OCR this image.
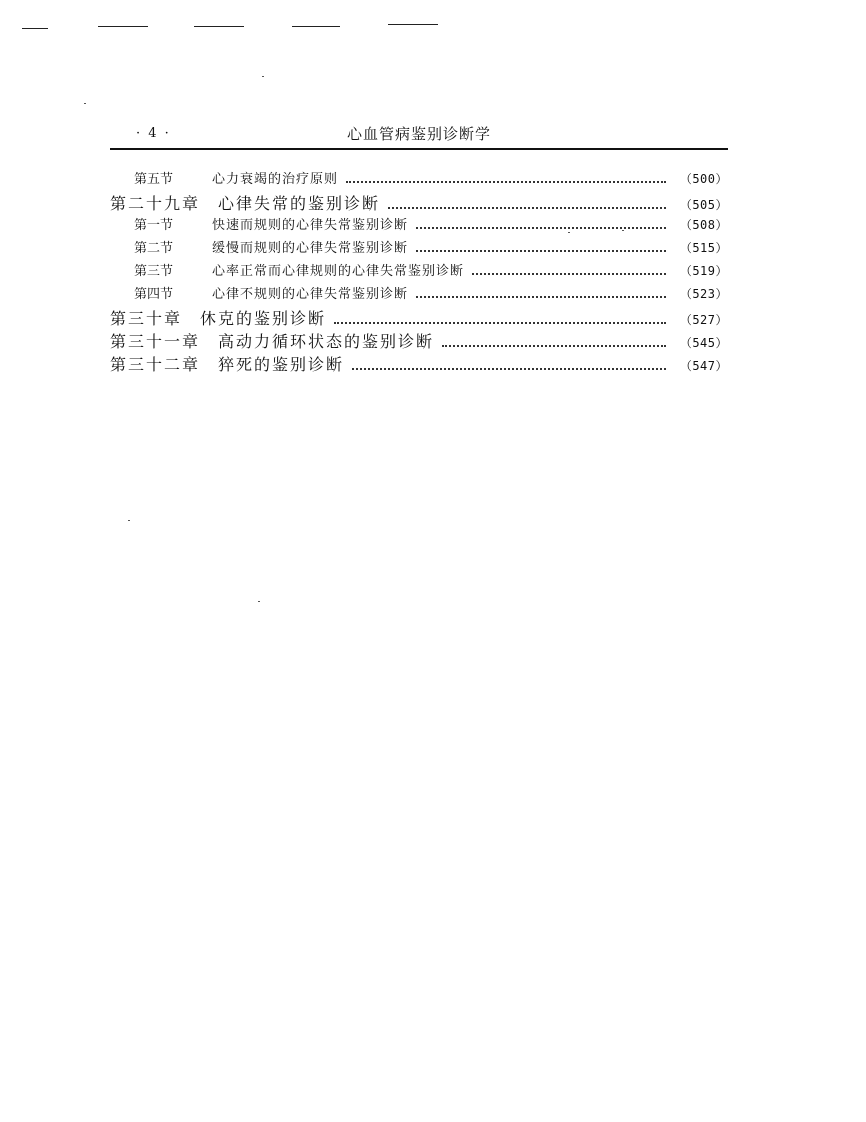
· 4 ·	心血管病鉴别诊断学
第五节	心力衰竭的治疗原则	（500）
第二十九章　心律失常的鉴别诊断	（505）
第一节	快速而规则的心律失常鉴别诊断	（508）
第二节	缓慢而规则的心律失常鉴别诊断	（515）
第三节	心率正常而心律规则的心律失常鉴别诊断	（519）
第四节	心律不规则的心律失常鉴别诊断	（523）
第三十章　休克的鉴别诊断	（527）
第三十一章　高动力循环状态的鉴别诊断	（545）
第三十二章　猝死的鉴别诊断	（547）
